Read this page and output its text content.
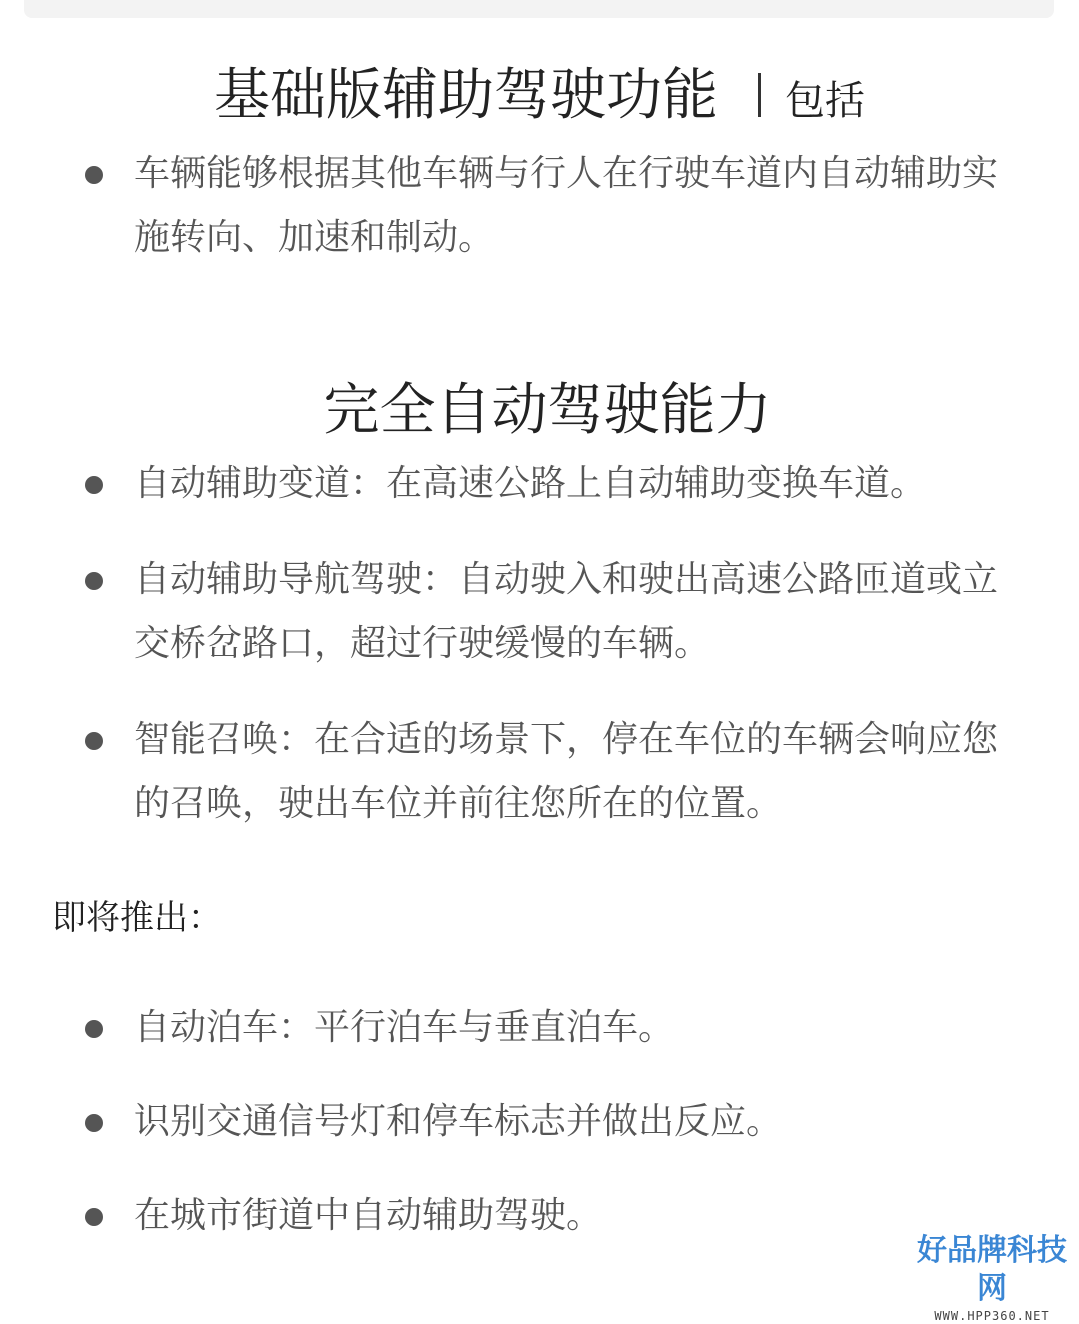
基础版辅助驾驶功能 包括
车辆能够根据其他车辆与行人在行驶车道内自动辅助实施转向、加速和制动。
完全自动驾驶能力
自动辅助变道：在高速公路上自动辅助变换车道。
自动辅助导航驾驶：自动驶入和驶出高速公路匝道或立交桥岔路口，超过行驶缓慢的车辆。
智能召唤：在合适的场景下，停在车位的车辆会响应您的召唤，驶出车位并前往您所在的位置。
即将推出：
自动泊车：平行泊车与垂直泊车。
识别交通信号灯和停车标志并做出反应。
在城市街道中自动辅助驾驶。
好品牌科技网
WWW.HPP360.NET
